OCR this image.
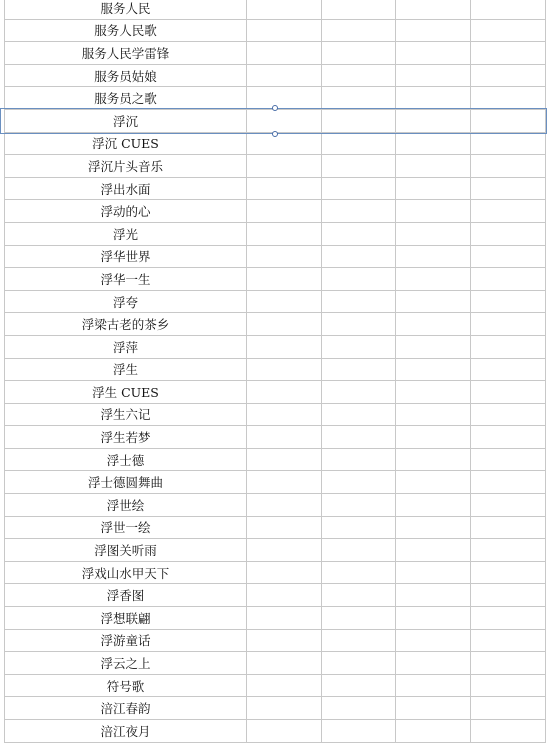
服务人民
服务人民歌
服务人民学雷锋
服务员姑娘
服务员之歌
浮沉
浮沉 CUES
浮沉片头音乐
浮出水面
浮动的心
浮光
浮华世界
浮华一生
浮夸
浮梁古老的茶乡
浮萍
浮生
浮生 CUES
浮生六记
浮生若梦
浮士德
浮士德圆舞曲
浮世绘
浮世一绘
浮图关听雨
浮戏山水甲天下
浮香图
浮想联翩
浮游童话
浮云之上
符号歌
涪江春韵
涪江夜月
